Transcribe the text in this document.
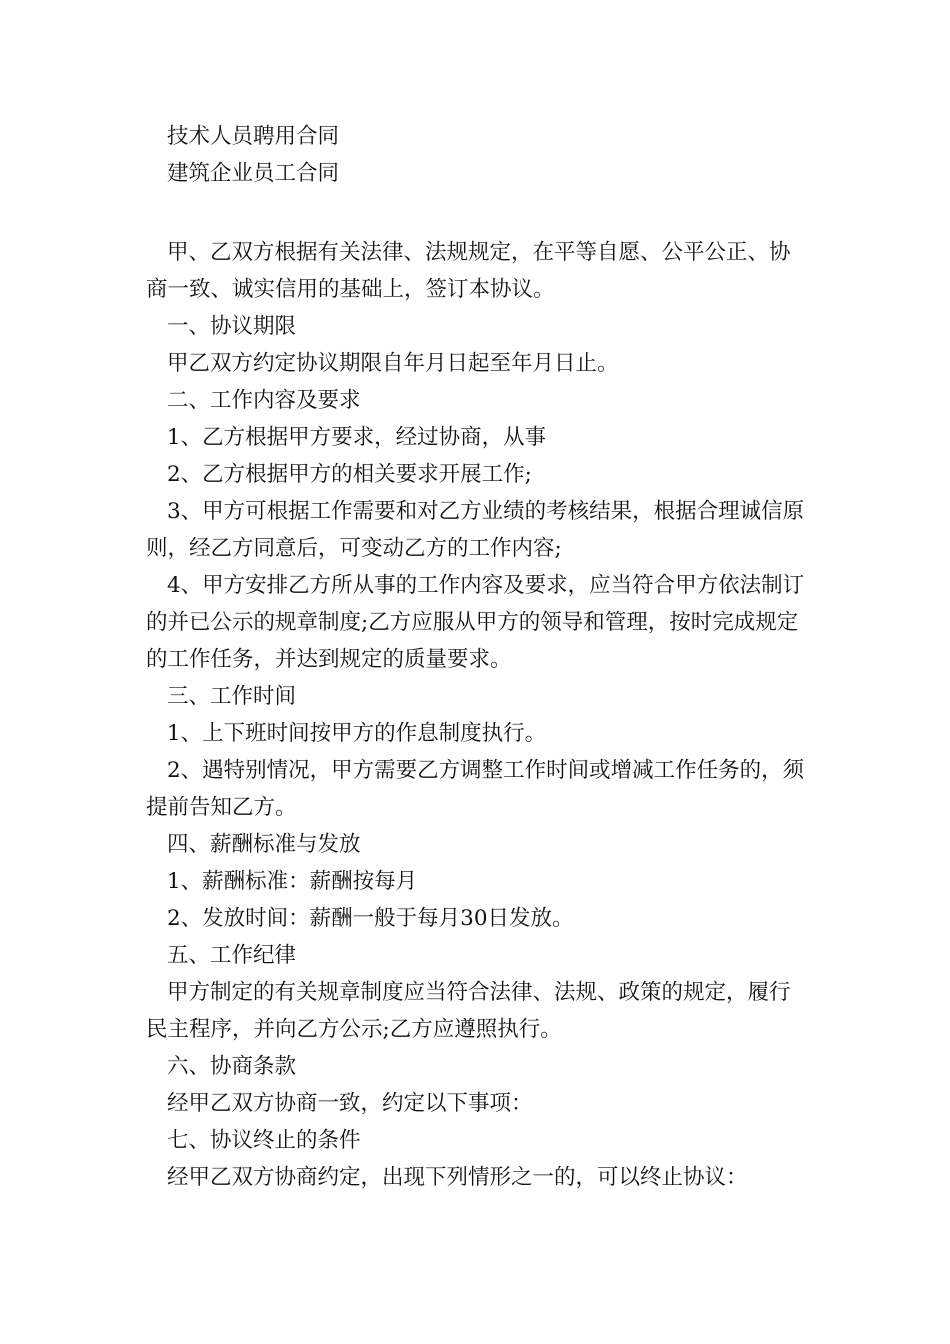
技术人员聘用合同

建筑企业员工合同

甲、乙双方根据有关法律、法规规定，在平等自愿、公平公正、协商一致、诚实信用的基础上，签订本协议。

一、协议期限

甲乙双方约定协议期限自年月日起至年月日止。

二、工作内容及要求

1、乙方根据甲方要求，经过协商，从事

2、乙方根据甲方的相关要求开展工作;

3、甲方可根据工作需要和对乙方业绩的考核结果，根据合理诚信原则，经乙方同意后，可变动乙方的工作内容;

4、甲方安排乙方所从事的工作内容及要求，应当符合甲方依法制订的并已公示的规章制度;乙方应服从甲方的领导和管理，按时完成规定的工作任务，并达到规定的质量要求。

三、工作时间

1、上下班时间按甲方的作息制度执行。

2、遇特别情况，甲方需要乙方调整工作时间或增减工作任务的，须提前告知乙方。

四、薪酬标准与发放

1、薪酬标准：薪酬按每月

2、发放时间：薪酬一般于每月30日发放。

五、工作纪律

甲方制定的有关规章制度应当符合法律、法规、政策的规定，履行民主程序，并向乙方公示;乙方应遵照执行。

六、协商条款

经甲乙双方协商一致，约定以下事项：

七、协议终止的条件

经甲乙双方协商约定，出现下列情形之一的，可以终止协议：
